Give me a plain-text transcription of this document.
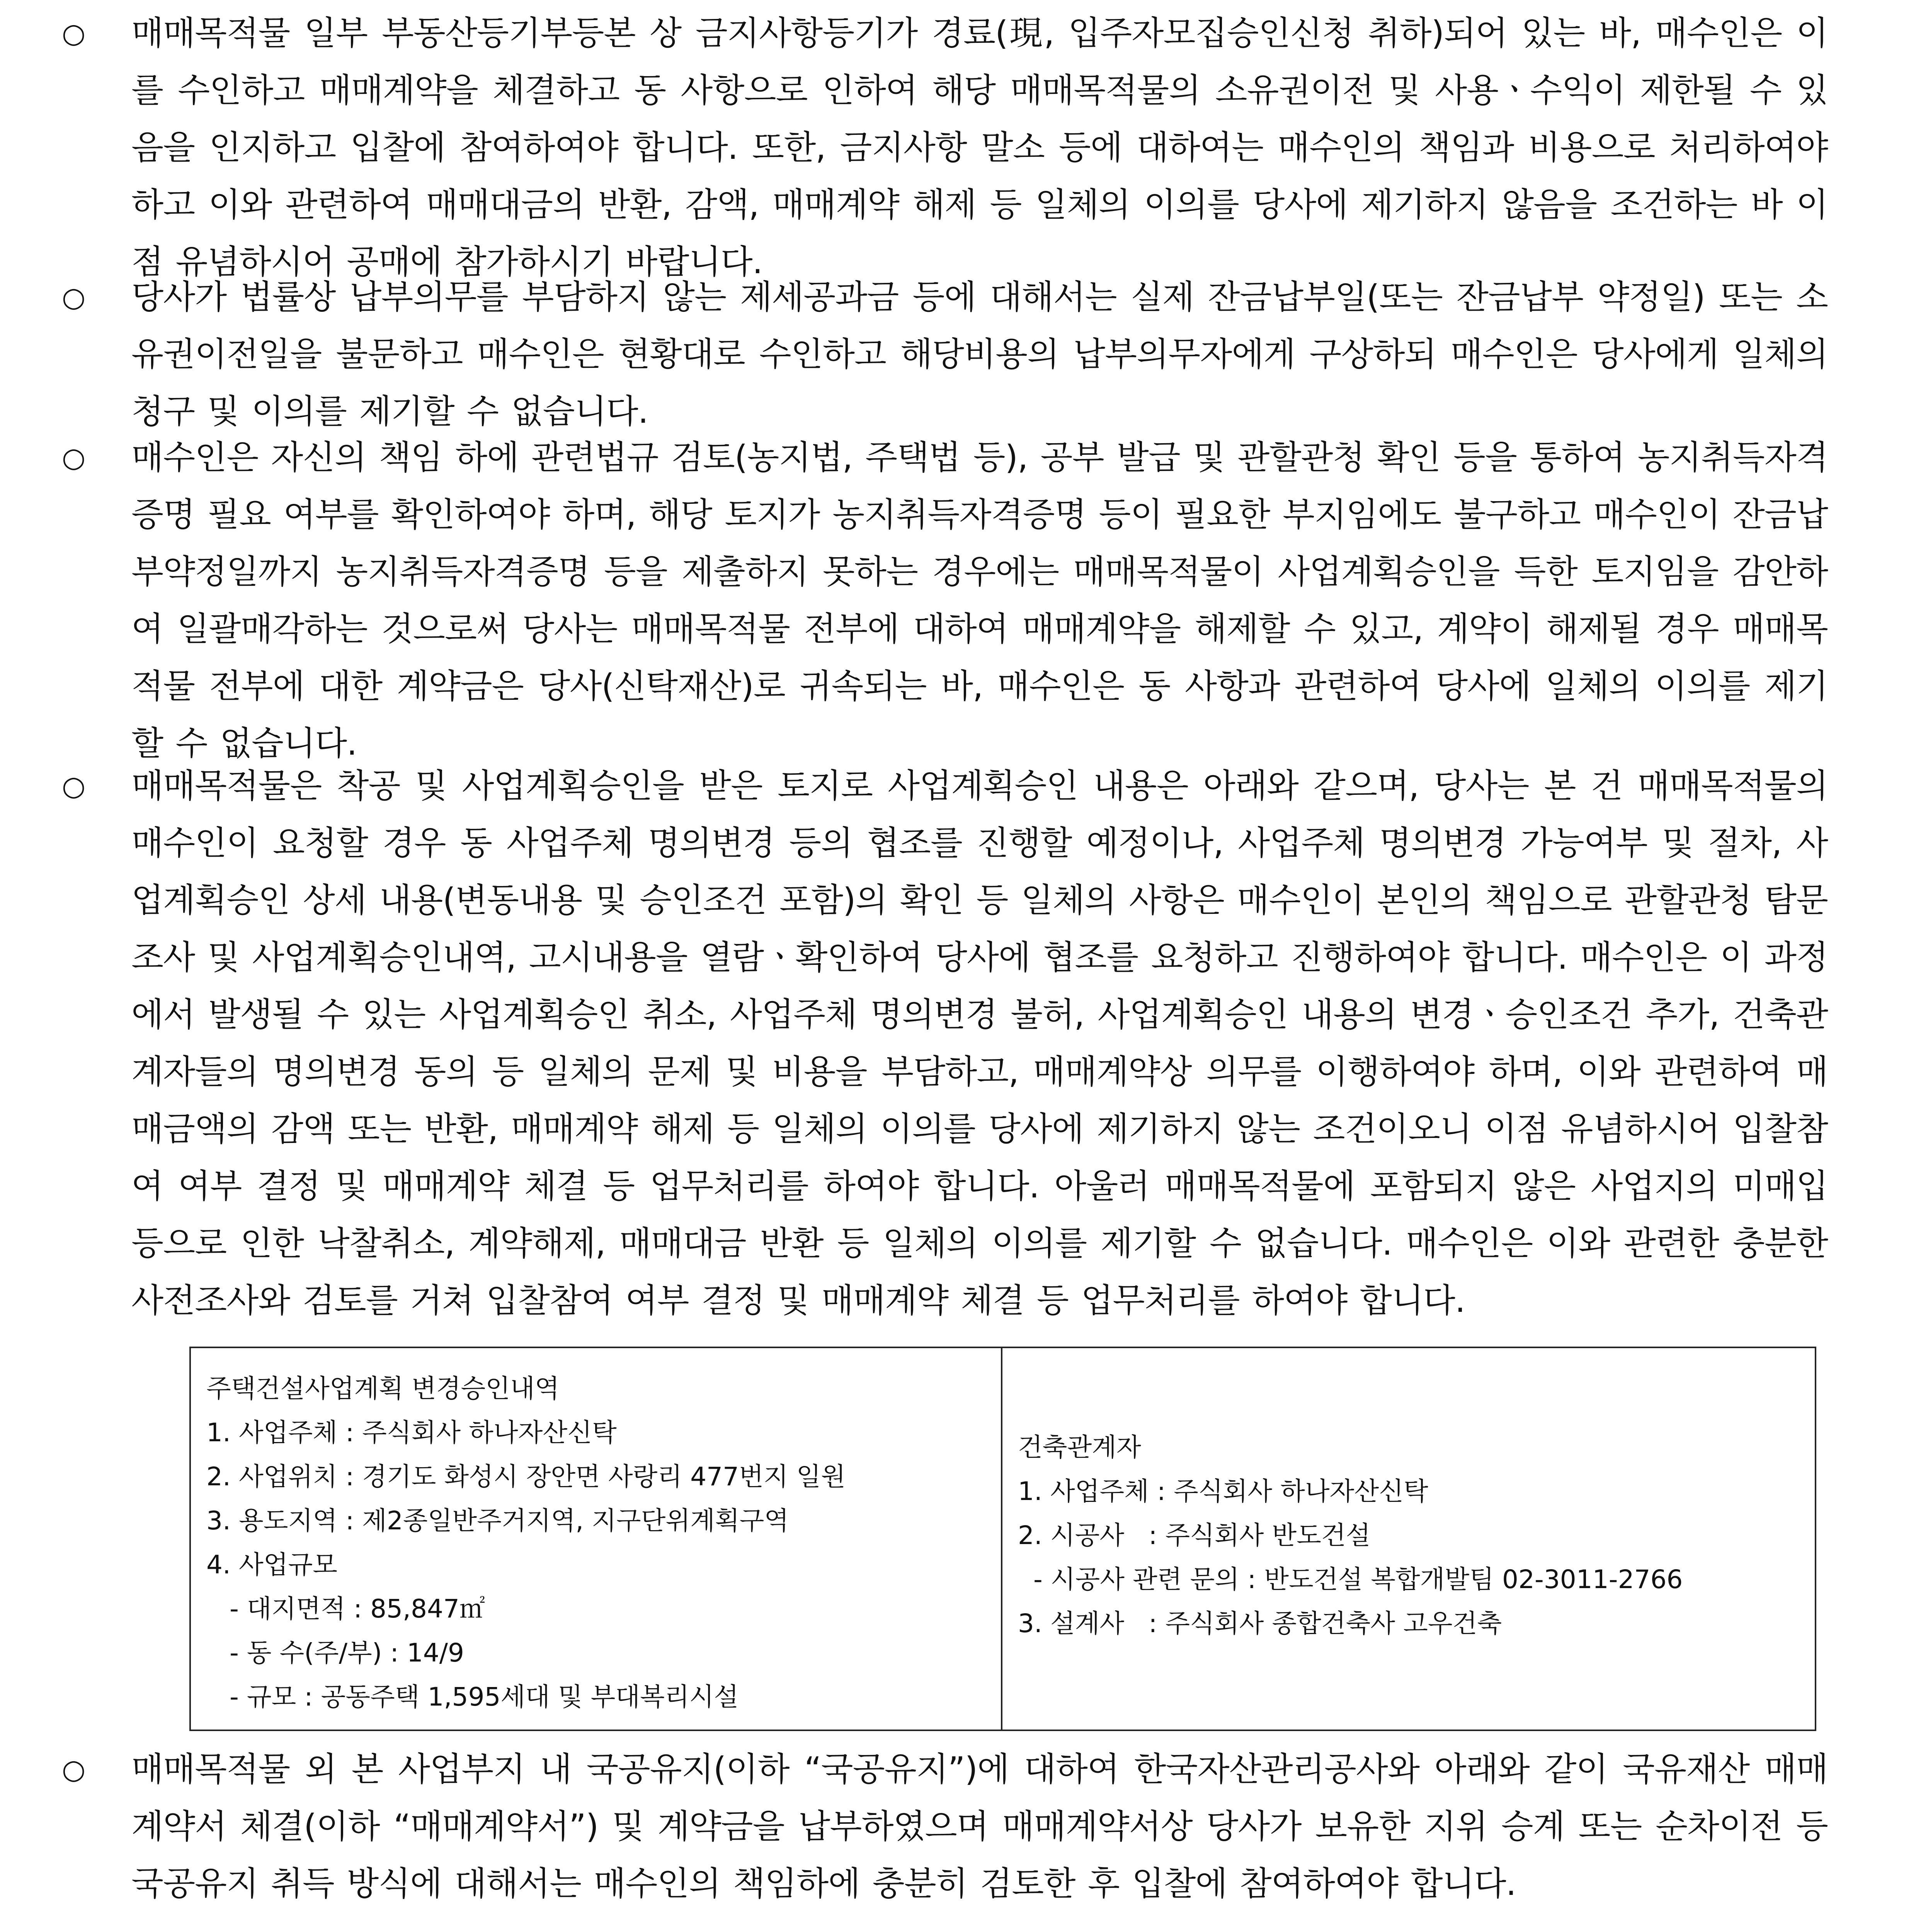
○ 매매목적물 일부 부동산등기부등본 상 금지사항등기가 경료(現, 입주자모집승인신청 취하)되어 있는 바, 매수인은 이를 수인하고 매매계약을 체결하고 동 사항으로 인하여 해당 매매목적물의 소유권이전 및 사용ㆍ수익이 제한될 수 있음을 인지하고 입찰에 참여하여야 합니다. 또한, 금지사항 말소 등에 대하여는 매수인의 책임과 비용으로 처리하여야 하고 이와 관련하여 매매대금의 반환, 감액, 매매계약 해제 등 일체의 이의를 당사에 제기하지 않음을 조건하는 바 이점 유념하시어 공매에 참가하시기 바랍니다.

○ 당사가 법률상 납부의무를 부담하지 않는 제세공과금 등에 대해서는 실제 잔금납부일(또는 잔금납부 약정일) 또는 소유권이전일을 불문하고 매수인은 현황대로 수인하고 해당비용의 납부의무자에게 구상하되 매수인은 당사에게 일체의 청구 및 이의를 제기할 수 없습니다.

○ 매수인은 자신의 책임 하에 관련법규 검토(농지법, 주택법 등), 공부 발급 및 관할관청 확인 등을 통하여 농지취득자격증명 필요 여부를 확인하여야 하며, 해당 토지가 농지취득자격증명 등이 필요한 부지임에도 불구하고 매수인이 잔금납부약정일까지 농지취득자격증명 등을 제출하지 못하는 경우에는 매매목적물이 사업계획승인을 득한 토지임을 감안하여 일괄매각하는 것으로써 당사는 매매목적물 전부에 대하여 매매계약을 해제할 수 있고, 계약이 해제될 경우 매매목적물 전부에 대한 계약금은 당사(신탁재산)로 귀속되는 바, 매수인은 동 사항과 관련하여 당사에 일체의 이의를 제기할 수 없습니다.

○ 매매목적물은 착공 및 사업계획승인을 받은 토지로 사업계획승인 내용은 아래와 같으며, 당사는 본 건 매매목적물의 매수인이 요청할 경우 동 사업주체 명의변경 등의 협조를 진행할 예정이나, 사업주체 명의변경 가능여부 및 절차, 사업계획승인 상세 내용(변동내용 및 승인조건 포함)의 확인 등 일체의 사항은 매수인이 본인의 책임으로 관할관청 탐문조사 및 사업계획승인내역, 고시내용을 열람ㆍ확인하여 당사에 협조를 요청하고 진행하여야 합니다. 매수인은 이 과정에서 발생될 수 있는 사업계획승인 취소, 사업주체 명의변경 불허, 사업계획승인 내용의 변경ㆍ승인조건 추가, 건축관계자들의 명의변경 동의 등 일체의 문제 및 비용을 부담하고, 매매계약상 의무를 이행하여야 하며, 이와 관련하여 매매금액의 감액 또는 반환, 매매계약 해제 등 일체의 이의를 당사에 제기하지 않는 조건이오니 이점 유념하시어 입찰참여 여부 결정 및 매매계약 체결 등 업무처리를 하여야 합니다. 아울러 매매목적물에 포함되지 않은 사업지의 미매입 등으로 인한 낙찰취소, 계약해제, 매매대금 반환 등 일체의 이의를 제기할 수 없습니다. 매수인은 이와 관련한 충분한 사전조사와 검토를 거쳐 입찰참여 여부 결정 및 매매계약 체결 등 업무처리를 하여야 합니다.

주택건설사업계획 변경승인내역
1. 사업주체 : 주식회사 하나자산신탁
2. 사업위치 : 경기도 화성시 장안면 사랑리 477번지 일원
3. 용도지역 : 제2종일반주거지역, 지구단위계획구역
4. 사업규모
- 대지면적 : 85,847㎡
- 동 수(주/부) : 14/9
- 규모 : 공동주택 1,595세대 및 부대복리시설
건축관계자
1. 사업주체 : 주식회사 하나자산신탁
2. 시공사   : 주식회사 반도건설
- 시공사 관련 문의 : 반도건설 복합개발팀 02-3011-2766
3. 설계사   : 주식회사 종합건축사 고우건축
○ 매매목적물 외 본 사업부지 내 국공유지(이하 “국공유지”)에 대하여 한국자산관리공사와 아래와 같이 국유재산 매매계약서 체결(이하 “매매계약서”) 및 계약금을 납부하였으며 매매계약서상 당사가 보유한 지위 승계 또는 순차이전 등 국공유지 취득 방식에 대해서는 매수인의 책임하에 충분히 검토한 후 입찰에 참여하여야 합니다.
